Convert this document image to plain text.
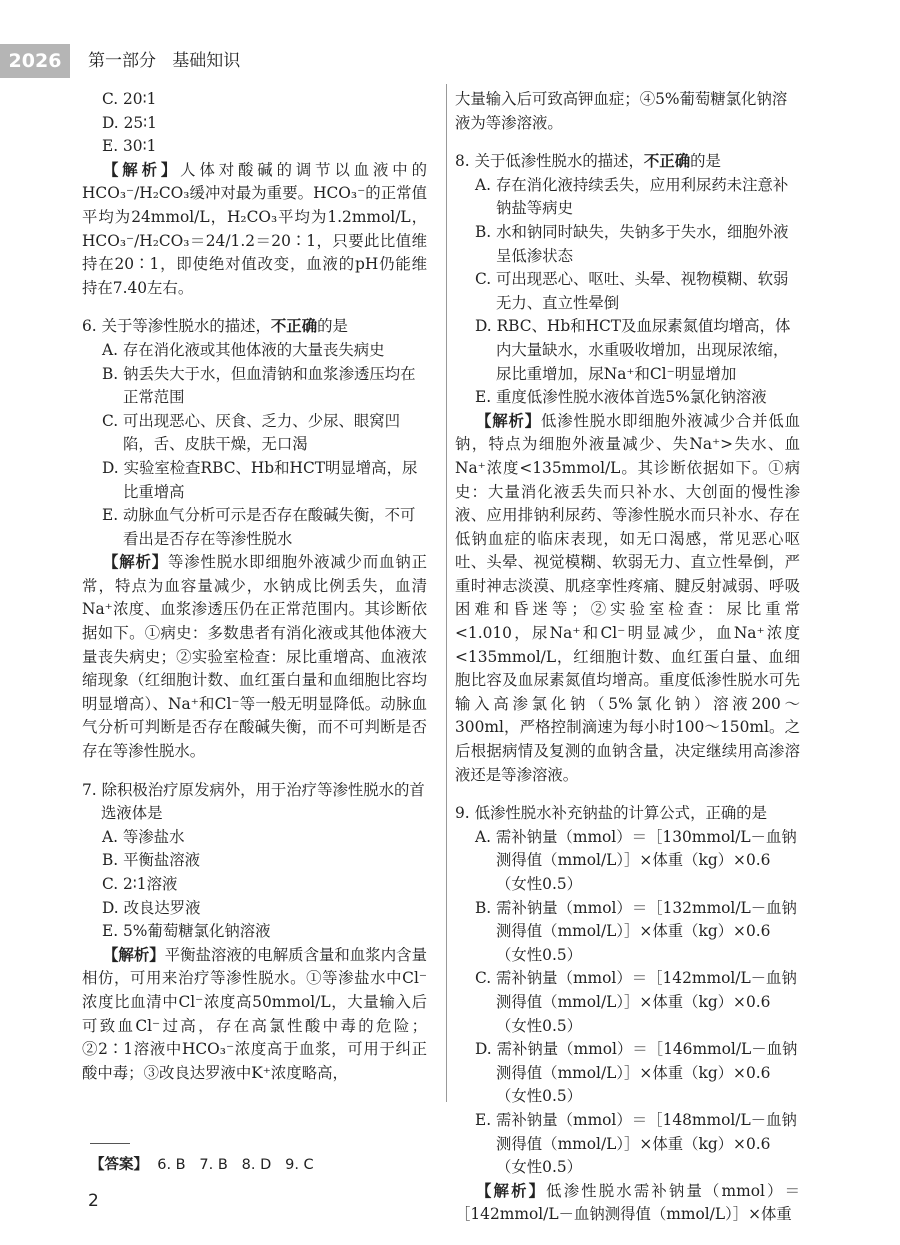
2026	第一部分   基础知识
C. 20∶1
D. 25∶1
E. 30∶1
【解析】人体对酸碱的调节以血液中的HCO₃⁻/H₂CO₃缓冲对最为重要。HCO₃⁻的正常值平均为24mmol/L，H₂CO₃平均为1.2mmol/L，HCO₃⁻/H₂CO₃＝24/1.2＝20∶1，只要此比值维持在20∶1，即使绝对值改变，血液的pH仍能维持在7.40左右。
6. 关于等渗性脱水的描述，不正确的是
A. 存在消化液或其他体液的大量丧失病史
B. 钠丢失大于水，但血清钠和血浆渗透压均在正常范围
C. 可出现恶心、厌食、乏力、少尿、眼窝凹陷，舌、皮肤干燥，无口渴
D. 实验室检查RBC、Hb和HCT明显增高，尿比重增高
E. 动脉血气分析可示是否存在酸碱失衡，不可看出是否存在等渗性脱水
【解析】等渗性脱水即细胞外液减少而血钠正常，特点为血容量减少，水钠成比例丢失，血清Na⁺浓度、血浆渗透压仍在正常范围内。其诊断依据如下。①病史：多数患者有消化液或其他体液大量丧失病史；②实验室检查：尿比重增高、血液浓缩现象（红细胞计数、血红蛋白量和血细胞比容均明显增高）、Na⁺和Cl⁻等一般无明显降低。动脉血气分析可判断是否存在酸碱失衡，而不可判断是否存在等渗性脱水。
7. 除积极治疗原发病外，用于治疗等渗性脱水的首选液体是
A. 等渗盐水
B. 平衡盐溶液
C. 2∶1溶液
D. 改良达罗液
E. 5%葡萄糖氯化钠溶液
【解析】平衡盐溶液的电解质含量和血浆内含量相仿，可用来治疗等渗性脱水。①等渗盐水中Cl⁻浓度比血清中Cl⁻浓度高50mmol/L，大量输入后可致血Cl⁻过高，存在高氯性酸中毒的危险；②2∶1溶液中HCO₃⁻浓度高于血浆，可用于纠正酸中毒；③改良达罗液中K⁺浓度略高，
大量输入后可致高钾血症；④5%葡萄糖氯化钠溶液为等渗溶液。
8. 关于低渗性脱水的描述，不正确的是
A. 存在消化液持续丢失，应用利尿药未注意补钠盐等病史
B. 水和钠同时缺失，失钠多于失水，细胞外液呈低渗状态
C. 可出现恶心、呕吐、头晕、视物模糊、软弱无力、直立性晕倒
D. RBC、Hb和HCT及血尿素氮值均增高，体内大量缺水，水重吸收增加，出现尿浓缩，尿比重增加，尿Na⁺和Cl⁻明显增加
E. 重度低渗性脱水液体首选5%氯化钠溶液
【解析】低渗性脱水即细胞外液减少合并低血钠，特点为细胞外液量减少、失Na⁺>失水、血Na⁺浓度<135mmol/L。其诊断依据如下。①病史：大量消化液丢失而只补水、大创面的慢性渗液、应用排钠利尿药、等渗性脱水而只补水、存在低钠血症的临床表现，如无口渴感，常见恶心呕吐、头晕、视觉模糊、软弱无力、直立性晕倒，严重时神志淡漠、肌痉挛性疼痛、腱反射减弱、呼吸困难和昏迷等；②实验室检查：尿比重常<1.010，尿Na⁺和Cl⁻明显减少，血Na⁺浓度<135mmol/L，红细胞计数、血红蛋白量、血细胞比容及血尿素氮值均增高。重度低渗性脱水可先输入高渗氯化钠（5%氯化钠）溶液200～300ml，严格控制滴速为每小时100～150ml。之后根据病情及复测的血钠含量，决定继续用高渗溶液还是等渗溶液。
9. 低渗性脱水补充钠盐的计算公式，正确的是
A. 需补钠量（mmol）＝［130mmol/L－血钠测得值（mmol/L）］×体重（kg）×0.6（女性0.5）
B. 需补钠量（mmol）＝［132mmol/L－血钠测得值（mmol/L）］×体重（kg）×0.6（女性0.5）
C. 需补钠量（mmol）＝［142mmol/L－血钠测得值（mmol/L）］×体重（kg）×0.6（女性0.5）
D. 需补钠量（mmol）＝［146mmol/L－血钠测得值（mmol/L）］×体重（kg）×0.6（女性0.5）
E. 需补钠量（mmol）＝［148mmol/L－血钠测得值（mmol/L）］×体重（kg）×0.6（女性0.5）
【解析】低渗性脱水需补钠量（mmol）＝［142mmol/L－血钠测得值（mmol/L）］×体重
【答案】 6. B   7. B   8. D   9. C
2
